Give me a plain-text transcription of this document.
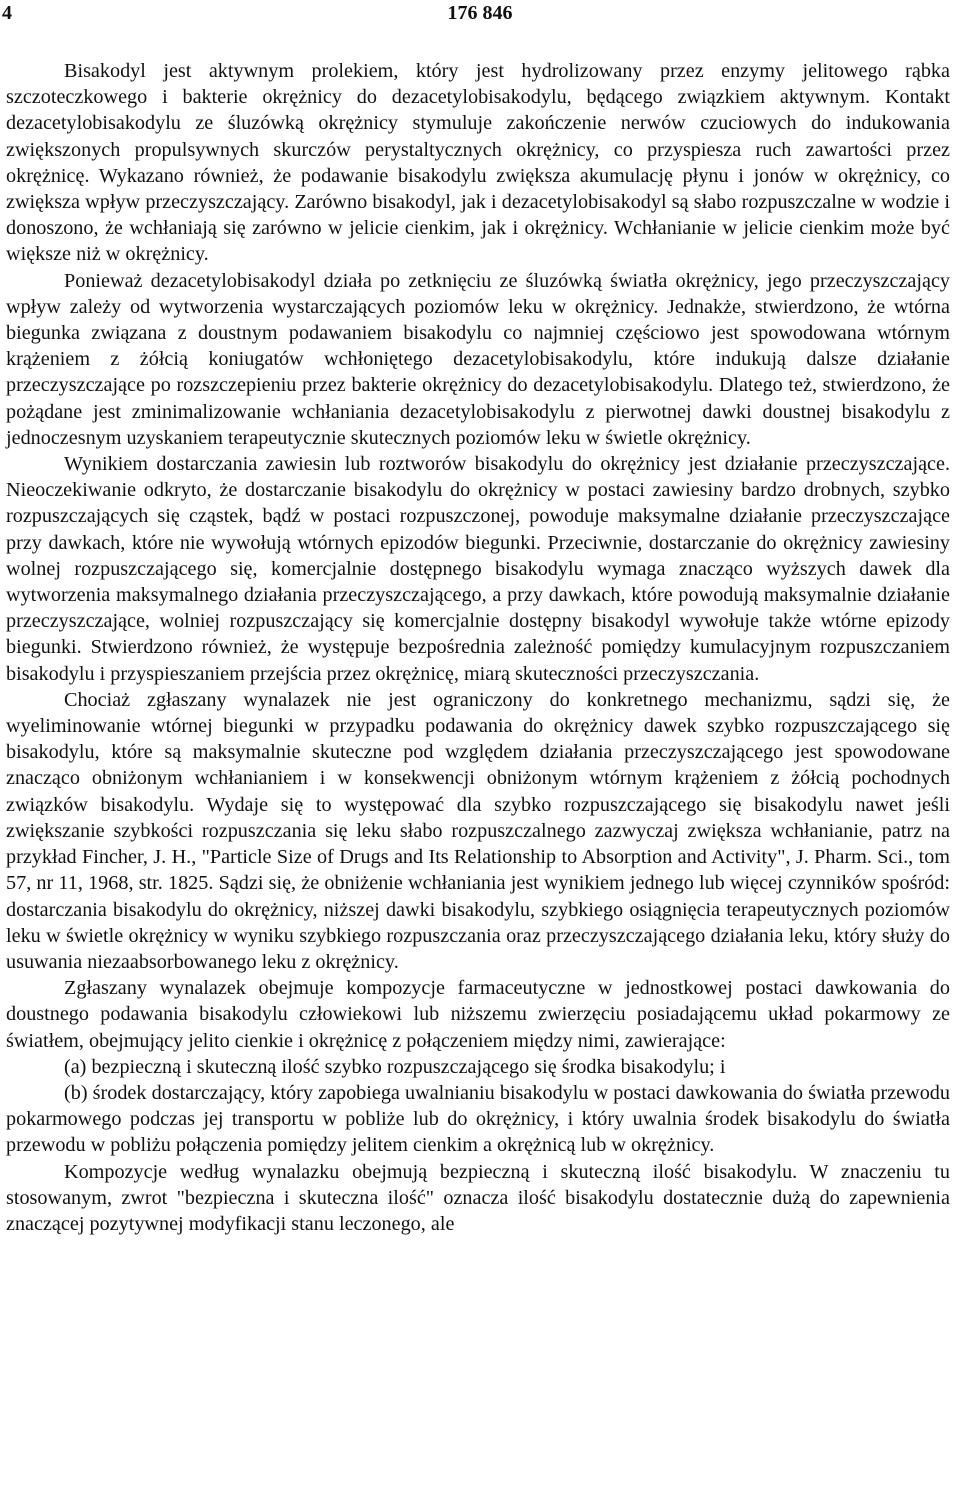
4	176 846

Bisakodyl jest aktywnym prolekiem, który jest hydrolizowany przez enzymy jelitowego rąbka szczoteczkowego i bakterie okrężnicy do dezacetylobisakodylu, będącego związkiem aktywnym. Kontakt dezacetylobisakodylu ze śluzówką okrężnicy stymuluje zakończenie nerwów czuciowych do indukowania zwiększonych propulsywnych skurczów perystaltycznych okrężnicy, co przyspiesza ruch zawartości przez okrężnicę. Wykazano również, że podawanie bisakodylu zwiększa akumulację płynu i jonów w okrężnicy, co zwiększa wpływ przeczyszczający. Zarówno bisakodyl, jak i dezacetylobisakodyl są słabo rozpuszczalne w wodzie i donoszono, że wchłaniają się zarówno w jelicie cienkim, jak i okrężnicy. Wchłanianie w jelicie cienkim może być większe niż w okrężnicy.

Ponieważ dezacetylobisakodyl działa po zetknięciu ze śluzówką światła okrężnicy, jego przeczyszczający wpływ zależy od wytworzenia wystarczających poziomów leku w okrężnicy. Jednakże, stwierdzono, że wtórna biegunka związana z doustnym podawaniem bisakodylu co najmniej częściowo jest spowodowana wtórnym krążeniem z żółcią koniugatów wchłoniętego dezacetylobisakodylu, które indukują dalsze działanie przeczyszczające po rozszczepieniu przez bakterie okrężnicy do dezacetylobisakodylu. Dlatego też, stwierdzono, że pożądane jest zminimalizowanie wchłaniania dezacetylobisakodylu z pierwotnej dawki doustnej bisakodylu z jednoczesnym uzyskaniem terapeutycznie skutecznych poziomów leku w świetle okrężnicy.

Wynikiem dostarczania zawiesin lub roztworów bisakodylu do okrężnicy jest działanie przeczyszczające. Nieoczekiwanie odkryto, że dostarczanie bisakodylu do okrężnicy w postaci zawiesiny bardzo drobnych, szybko rozpuszczających się cząstek, bądź w postaci rozpuszczonej, powoduje maksymalne działanie przeczyszczające przy dawkach, które nie wywołują wtórnych epizodów biegunki. Przeciwnie, dostarczanie do okrężnicy zawiesiny wolnej rozpuszczającego się, komercjalnie dostępnego bisakodylu wymaga znacząco wyższych dawek dla wytworzenia maksymalnego działania przeczyszczającego, a przy dawkach, które powodują maksymalnie działanie przeczyszczające, wolniej rozpuszczający się komercjalnie dostępny bisakodyl wywołuje także wtórne epizody biegunki. Stwierdzono również, że występuje bezpośrednia zależność pomiędzy kumulacyjnym rozpuszczaniem bisakodylu i przyspieszaniem przejścia przez okrężnicę, miarą skuteczności przeczyszczania.

Chociaż zgłaszany wynalazek nie jest ograniczony do konkretnego mechanizmu, sądzi się, że wyeliminowanie wtórnej biegunki w przypadku podawania do okrężnicy dawek szybko rozpuszczającego się bisakodylu, które są maksymalnie skuteczne pod względem działania przeczyszczającego jest spowodowane znacząco obniżonym wchłanianiem i w konsekwencji obniżonym wtórnym krążeniem z żółcią pochodnych związków bisakodylu. Wydaje się to występować dla szybko rozpuszczającego się bisakodylu nawet jeśli zwiększanie szybkości rozpuszczania się leku słabo rozpuszczalnego zazwyczaj zwiększa wchłanianie, patrz na przykład Fincher, J. H., "Particle Size of Drugs and Its Relationship to Absorption and Activity", J. Pharm. Sci., tom 57, nr 11, 1968, str. 1825. Sądzi się, że obniżenie wchłaniania jest wynikiem jednego lub więcej czynników spośród: dostarczania bisakodylu do okrężnicy, niższej dawki bisakodylu, szybkiego osiągnięcia terapeutycznych poziomów leku w świetle okrężnicy w wyniku szybkiego rozpuszczania oraz przeczyszczającego działania leku, który służy do usuwania niezaabsorbowanego leku z okrężnicy.

Zgłaszany wynalazek obejmuje kompozycje farmaceutyczne w jednostkowej postaci dawkowania do doustnego podawania bisakodylu człowiekowi lub niższemu zwierzęciu posiadającemu układ pokarmowy ze światłem, obejmujący jelito cienkie i okrężnicę z połączeniem między nimi, zawierające:

(a) bezpieczną i skuteczną ilość szybko rozpuszczającego się środka bisakodylu; i

(b) środek dostarczający, który zapobiega uwalnianiu bisakodylu w postaci dawkowania do światła przewodu pokarmowego podczas jej transportu w pobliże lub do okrężnicy, i który uwalnia środek bisakodylu do światła przewodu w pobliżu połączenia pomiędzy jelitem cienkim a okrężnicą lub w okrężnicy.

Kompozycje według wynalazku obejmują bezpieczną i skuteczną ilość bisakodylu. W znaczeniu tu stosowanym, zwrot "bezpieczna i skuteczna ilość" oznacza ilość bisakodylu dostatecznie dużą do zapewnienia znaczącej pozytywnej modyfikacji stanu leczonego, ale
